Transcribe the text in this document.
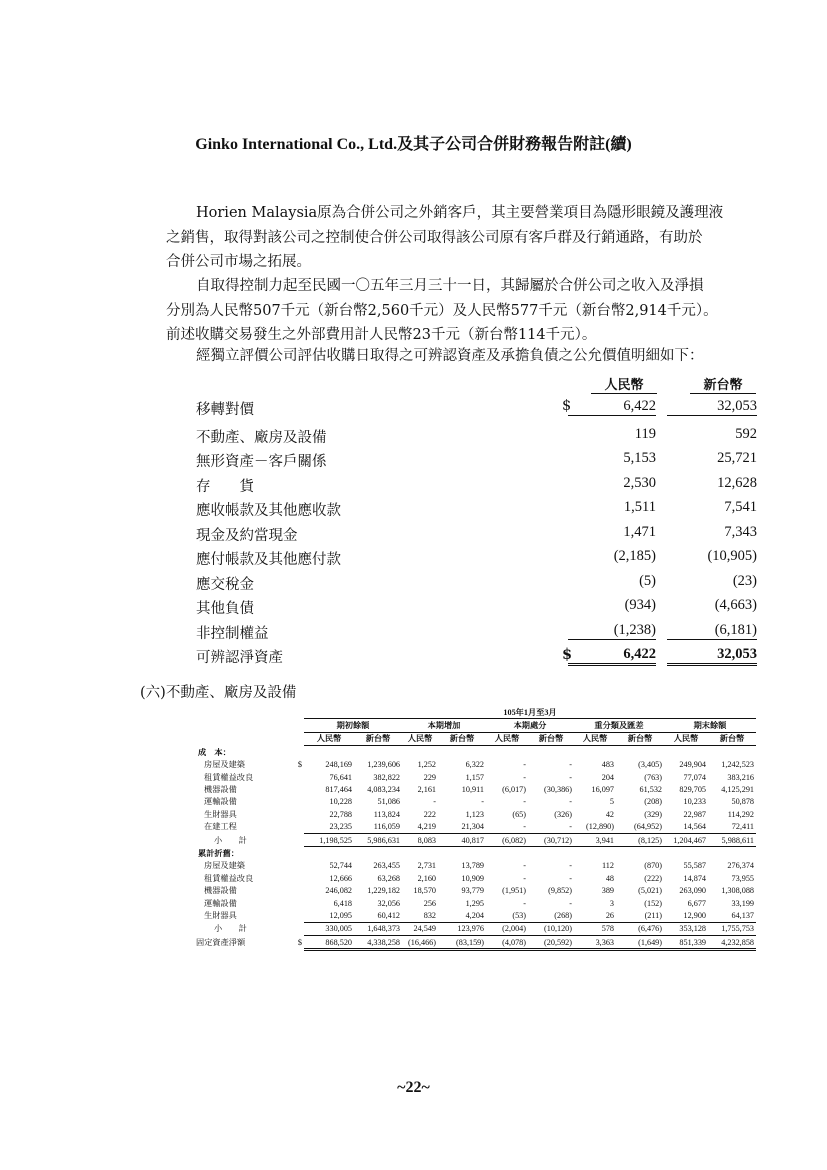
Ginko International Co., Ltd.及其子公司合併財務報告附註(續)
Horien Malaysia原為合併公司之外銷客戶，其主要營業項目為隱形眼鏡及護理液
之銷售，取得對該公司之控制使合併公司取得該公司原有客戶群及行銷通路，有助於
合併公司市場之拓展。
自取得控制力起至民國一〇五年三月三十一日，其歸屬於合併公司之收入及淨損
分別為人民幣507千元（新台幣2,560千元）及人民幣577千元（新台幣2,914千元）。
前述收購交易發生之外部費用計人民幣23千元（新台幣114千元）。
經獨立評價公司評估收購日取得之可辨認資產及承擔負債之公允價值明細如下：
人民幣	新台幣
移轉對價	$	6,422	32,053
不動產、廠房及設備	119	592
無形資產－客戶關係	5,153	25,721
存　　貨	2,530	12,628
應收帳款及其他應收款	1,511	7,541
現金及約當現金	1,471	7,343
應付帳款及其他應付款	(2,185)	(10,905)
應交稅金	(5)	(23)
其他負債	(934)	(4,663)
非控制權益	(1,238)	(6,181)
可辨認淨資產	$	6,422	32,053
(六)不動產、廠房及設備
		105年1月至3月									
		期初餘額		本期增加		本期處分		重分類及匯差		期末餘額	
		人民幣	新台幣	人民幣	新台幣	人民幣	新台幣	人民幣	新台幣	人民幣	新台幣
成　本：											
房屋及建築	$	248,169	1,239,606	1,252	6,322	-	-	483	(3,405)	249,904	1,242,523
租賃權益改良		76,641	382,822	229	1,157	-	-	204	(763)	77,074	383,216
機器設備		817,464	4,083,234	2,161	10,911	(6,017)	(30,386)	16,097	61,532	829,705	4,125,291
運輸設備		10,228	51,086	-	-	-	-	5	(208)	10,233	50,878
生財器具		22,788	113,824	222	1,123	(65)	(326)	42	(329)	22,987	114,292
在建工程		23,235	116,059	4,219	21,304	-	-	(12,890)	(64,952)	14,564	72,411
小　　計		1,198,525	5,986,631	8,083	40,817	(6,082)	(30,712)	3,941	(8,125)	1,204,467	5,988,611
累計折舊：											
房屋及建築		52,744	263,455	2,731	13,789	-	-	112	(870)	55,587	276,374
租賃權益改良		12,666	63,268	2,160	10,909	-	-	48	(222)	14,874	73,955
機器設備		246,082	1,229,182	18,570	93,779	(1,951)	(9,852)	389	(5,021)	263,090	1,308,088
運輸設備		6,418	32,056	256	1,295	-	-	3	(152)	6,677	33,199
生財器具		12,095	60,412	832	4,204	(53)	(268)	26	(211)	12,900	64,137
小　　計		330,005	1,648,373	24,549	123,976	(2,004)	(10,120)	578	(6,476)	353,128	1,755,753
固定資產淨額	$	868,520	4,338,258	(16,466)	(83,159)	(4,078)	(20,592)	3,363	(1,649)	851,339	4,232,858
~22~
